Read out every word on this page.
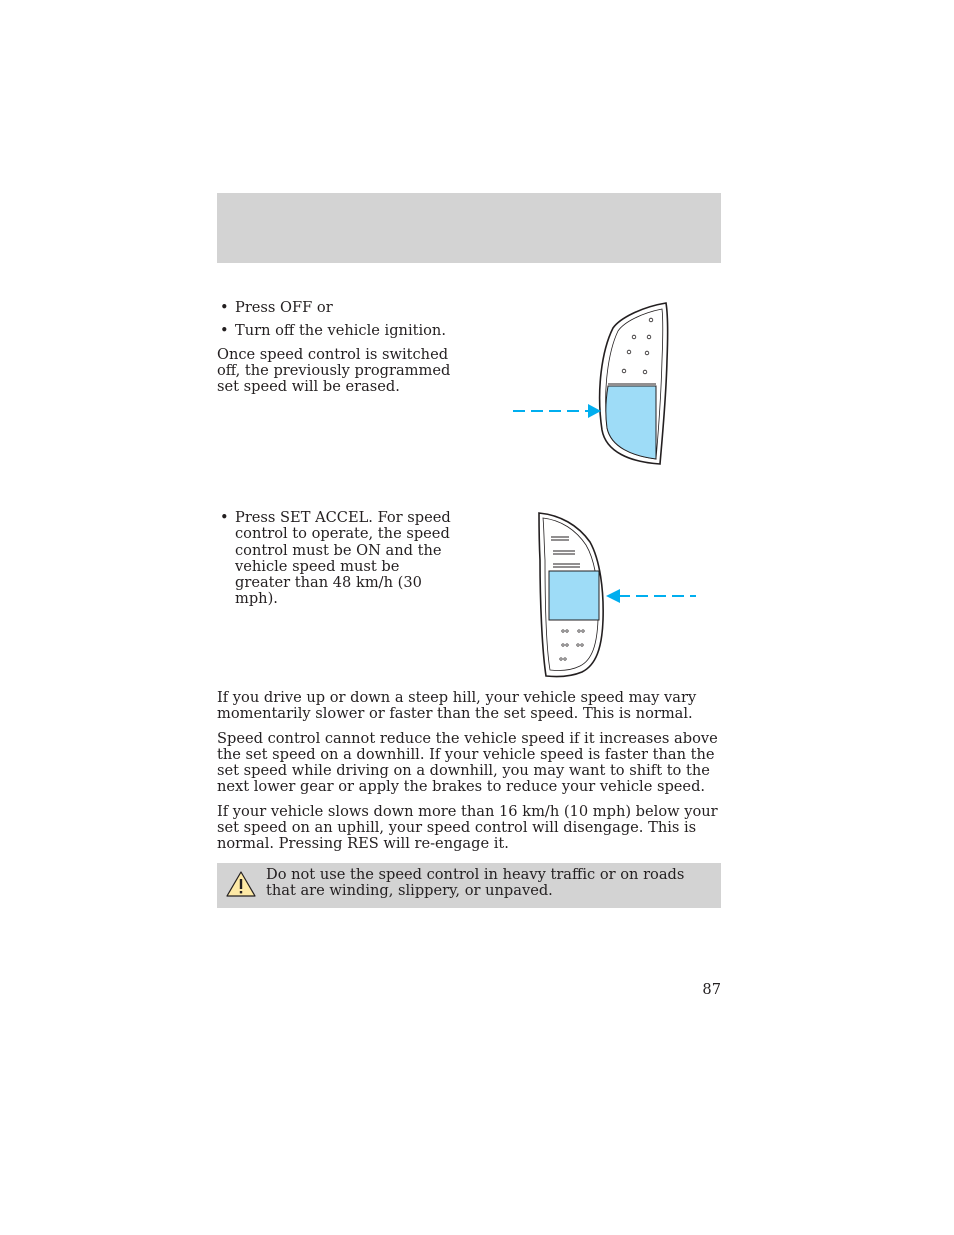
• Press OFF or
• Turn off the vehicle ignition.

Once speed control is switched off, the previously programmed set speed will be erased.

• Press SET ACCEL. For speed control to operate, the speed control must be ON and the vehicle speed must be greater than 48 km/h (30 mph).

If you drive up or down a steep hill, your vehicle speed may vary momentarily slower or faster than the set speed. This is normal.

Speed control cannot reduce the vehicle speed if it increases above the set speed on a downhill. If your vehicle speed is faster than the set speed while driving on a downhill, you may want to shift to the next lower gear or apply the brakes to reduce your vehicle speed.

If your vehicle slows down more than 16 km/h (10 mph) below your set speed on an uphill, your speed control will disengage. This is normal. Pressing RES will re-engage it.

Do not use the speed control in heavy traffic or on roads that are winding, slippery, or unpaved.

87
